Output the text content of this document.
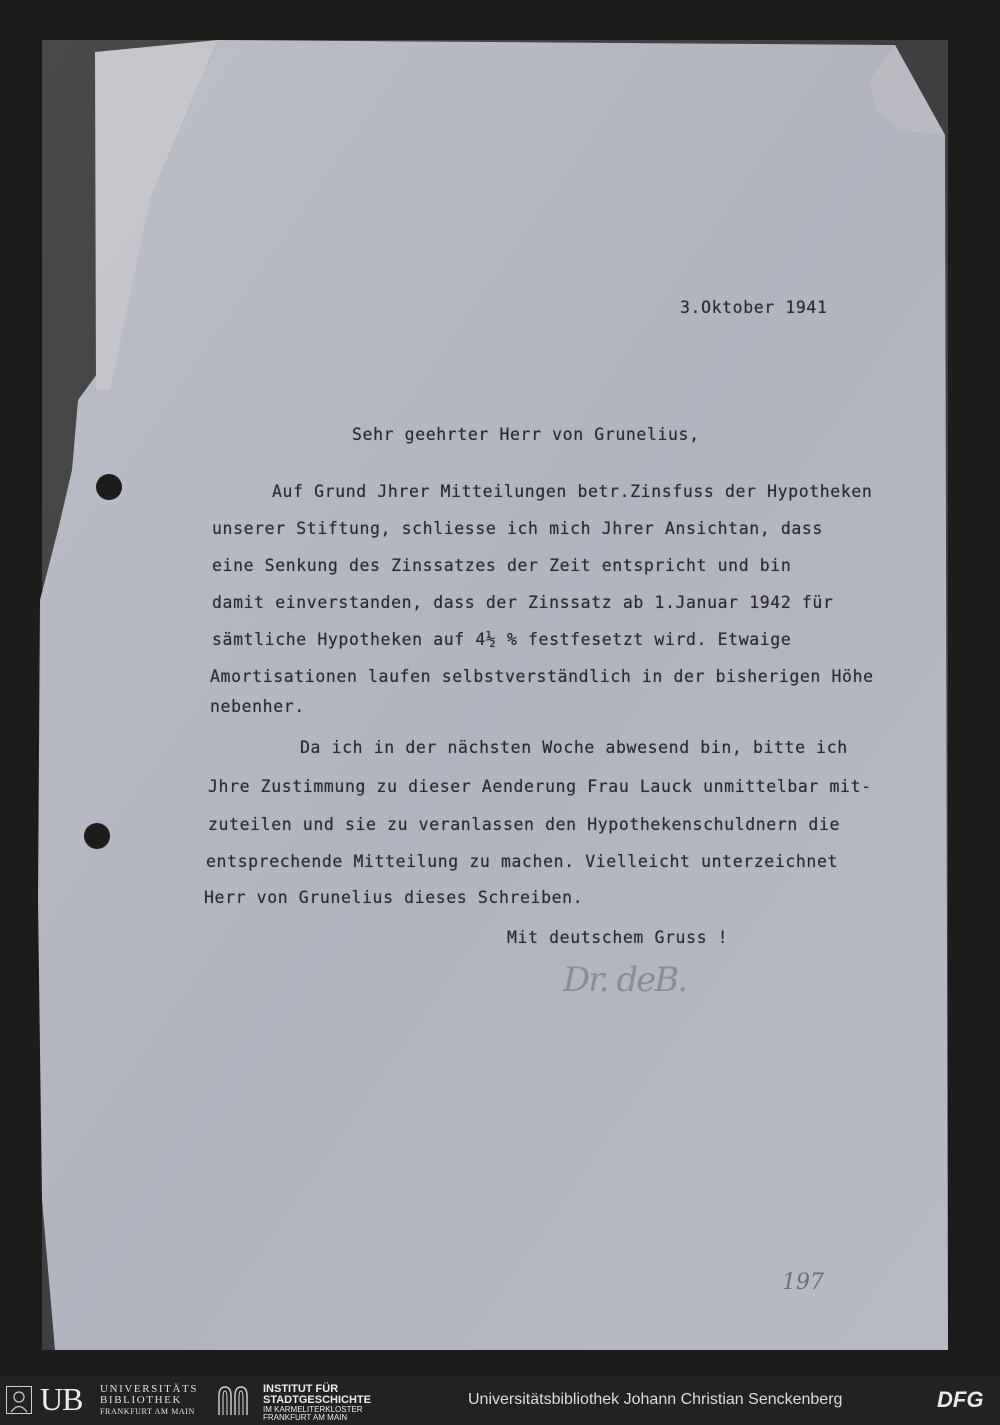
3.Oktober 1941
Sehr geehrter Herr von Grunelius,
Auf Grund Jhrer Mitteilungen betr.Zinsfuss der Hypotheken
unserer Stiftung, schliesse ich mich Jhrer Ansichtan, dass
eine Senkung des Zinssatzes der Zeit entspricht und bin
damit einverstanden, dass der Zinssatz ab 1.Januar 1942 für
sämtliche Hypotheken auf 4½ % festfesetzt wird. Etwaige
Amortisationen laufen selbstverständlich in der bisherigen Höhe
nebenher.
Da ich in der nächsten Woche abwesend bin, bitte ich
Jhre Zustimmung zu dieser Aenderung Frau Lauck unmittelbar mit-
zuteilen und sie zu veranlassen den Hypothekenschuldnern die
entsprechende Mitteilung zu machen. Vielleicht unterzeichnet
Herr von Grunelius dieses Schreiben.
Mit deutschem Gruss !
Dr. deB.
197
UB UNIVERSITÄTS
BIBLIOTHEK
FRANKFURT AM MAIN
INSTITUT FÜR
STADTGESCHICHTE
IM KARMELITERKLOSTER
FRANKFURT AM MAIN
Universitätsbibliothek Johann Christian Senckenberg	DFG
